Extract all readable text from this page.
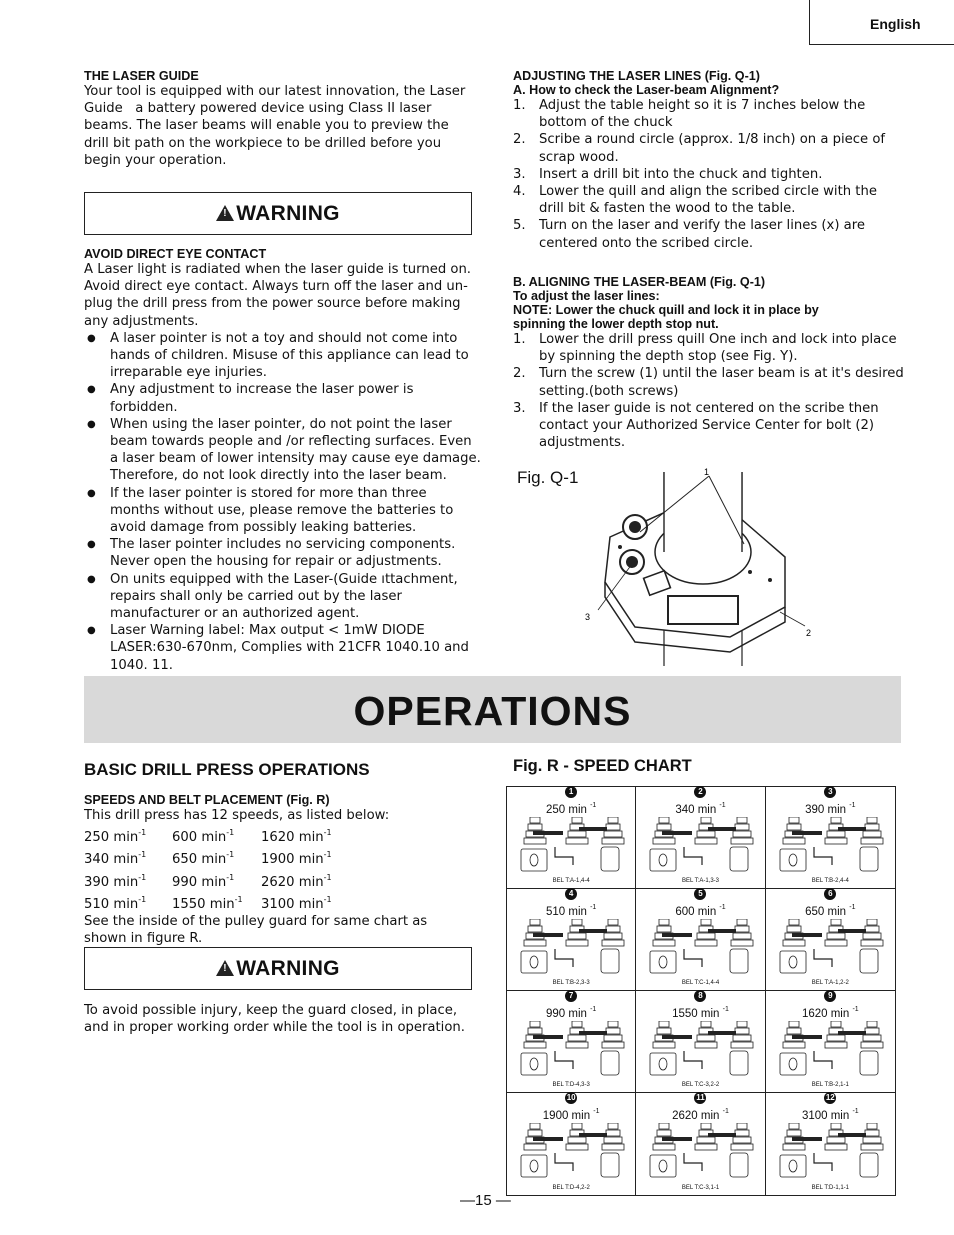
English
THE LASER GUIDE
Your tool is equipped with our latest innovation, the Laser
Guide   a battery powered device using Class II laser
beams. The laser beams will enable you to preview the
drill bit path on the workpiece to be drilled before you
begin your operation.
!WARNING
AVOID DIRECT EYE CONTACT
A Laser light is radiated when the laser guide is turned on.
Avoid direct eye contact. Always turn off the laser and un-
plug the drill press from the power source before making
any adjustments.
● A laser pointer is not a toy and should not come into
hands of children. Misuse of this appliance can lead to
irreparable eye injuries.
● Any adjustment to increase the laser power is forbidden.
● When using the laser pointer, do not point the laser
beam towards people and /or reflecting surfaces. Even
a laser beam of lower intensity may cause eye damage.
Therefore, do not look directly into the laser beam.
● If the laser pointer is stored for more than three
months without use, please remove the batteries to
avoid damage from possibly leaking batteries.
● The laser pointer includes no servicing components.
Never open the housing for repair or adjustments.
● On units equipped with the Laser-(Guide ıttachment,
repairs shall only be carried out by the laser
manufacturer or an authorized agent.
● Laser Warning label: Max output < 1mW DIODE
LASER:630-670nm, Complies with 21CFR 1040.10 and
1040. 11.
ADJUSTING THE LASER LINES (Fig. Q-1)
A. How to check the Laser-beam Alignment?
1. Adjust the table height so it is 7 inches below the
bottom of the chuck
2. Scribe a round circle (approx. 1/8 inch) on a piece of
scrap wood.
3. Insert a drill bit into the chuck and tighten.
4. Lower the quill and align the scribed circle with the
drill bit & fasten the wood to the table.
5. Turn on the laser and verify the laser lines (x) are
centered onto the scribed circle.
B. ALIGNING THE LASER-BEAM (Fig. Q-1)
To adjust the laser lines:
NOTE: Lower the chuck quill and lock it in place by
spinning the lower depth stop nut.
1. Lower the drill press quill One inch and lock into place
by spinning the depth stop (see Fig. Y).
2. Turn the screw (1) until the laser beam is at it's desired
setting.(both screws)
3. If the laser guide is not centered on the scribe then
contact your Authorized Service Center for bolt (2)
adjustments.
Fig. Q-1	1
2
3
OPERATIONS
BASIC DRILL PRESS OPERATIONS
SPEEDS AND BELT PLACEMENT (Fig. R)
This drill press has 12 speeds, as listed below:
250 $\min^{-1}$	600 $\min^{-1}$	1620 $\min^{-1}$
340 $\min^{-1}$	650 $\min^{-1}$	1900 $\min^{-1}$
390 $\min^{-1}$	990 $\min^{-1}$	2620 $\min^{-1}$
510 $\min^{-1}$	1550 $\min^{-1}$	3100 $\min^{-1}$
See the inside of the pulley guard for same chart as
shown in figure R.
!WARNING
To avoid possible injury, keep the guard closed, in place,
and in proper working order while the tool is in operation.
Fig. R - SPEED CHART
1
250 min $^{-1}$
BEL T:A-1,4-4
2
340 min $^{-1}$
BEL T:A-1,3-3
3
390 min $^{-1}$
BEL T:B-2,4-4
4
510 min $^{-1}$
BEL T:B-2,3-3
5
600 min $^{-1}$
BEL T:C-1,4-4
6
650 min $^{-1}$
BEL T:A-1,2-2
7
990 min $^{-1}$
BEL T:D-4,3-3
8
1550 min $^{-1}$
BEL T:C-3,2-2
9
1620 min $^{-1}$
BEL T:B-2,1-1
10
1900 min $^{-1}$
BEL T:D-4,2-2
11
2620 min $^{-1}$
BEL T:C-3,1-1
12
3100 min $^{-1}$
BEL T:D-1,1-1
—15 —
